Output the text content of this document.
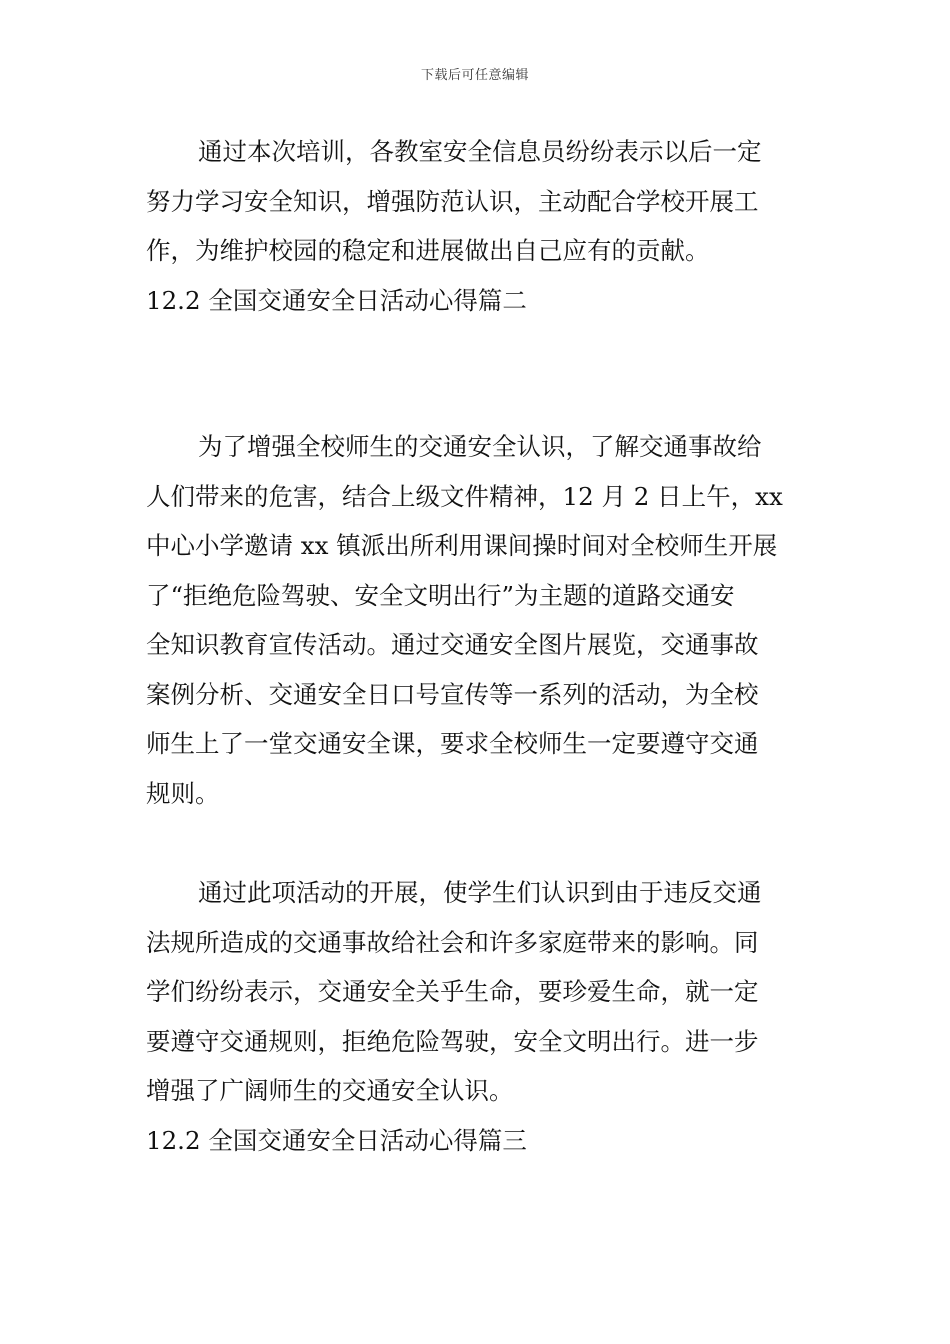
下载后可任意编辑

通过本次培训，各教室安全信息员纷纷表示以后一定

努力学习安全知识，增强防范认识，主动配合学校开展工

作，为维护校园的稳定和进展做出自己应有的贡献。

12.2 全国交通安全日活动心得篇二

为了增强全校师生的交通安全认识，了解交通事故给

人们带来的危害，结合上级文件精神，12 月 2 日上午，xx

中心小学邀请 xx 镇派出所利用课间操时间对全校师生开展

了“拒绝危险驾驶、安全文明出行”为主题的道路交通安

全知识教育宣传活动。通过交通安全图片展览，交通事故

案例分析、交通安全日口号宣传等一系列的活动，为全校

师生上了一堂交通安全课，要求全校师生一定要遵守交通

规则。

通过此项活动的开展，使学生们认识到由于违反交通

法规所造成的交通事故给社会和许多家庭带来的影响。同

学们纷纷表示，交通安全关乎生命，要珍爱生命，就一定

要遵守交通规则，拒绝危险驾驶，安全文明出行。进一步

增强了广阔师生的交通安全认识。

12.2 全国交通安全日活动心得篇三
